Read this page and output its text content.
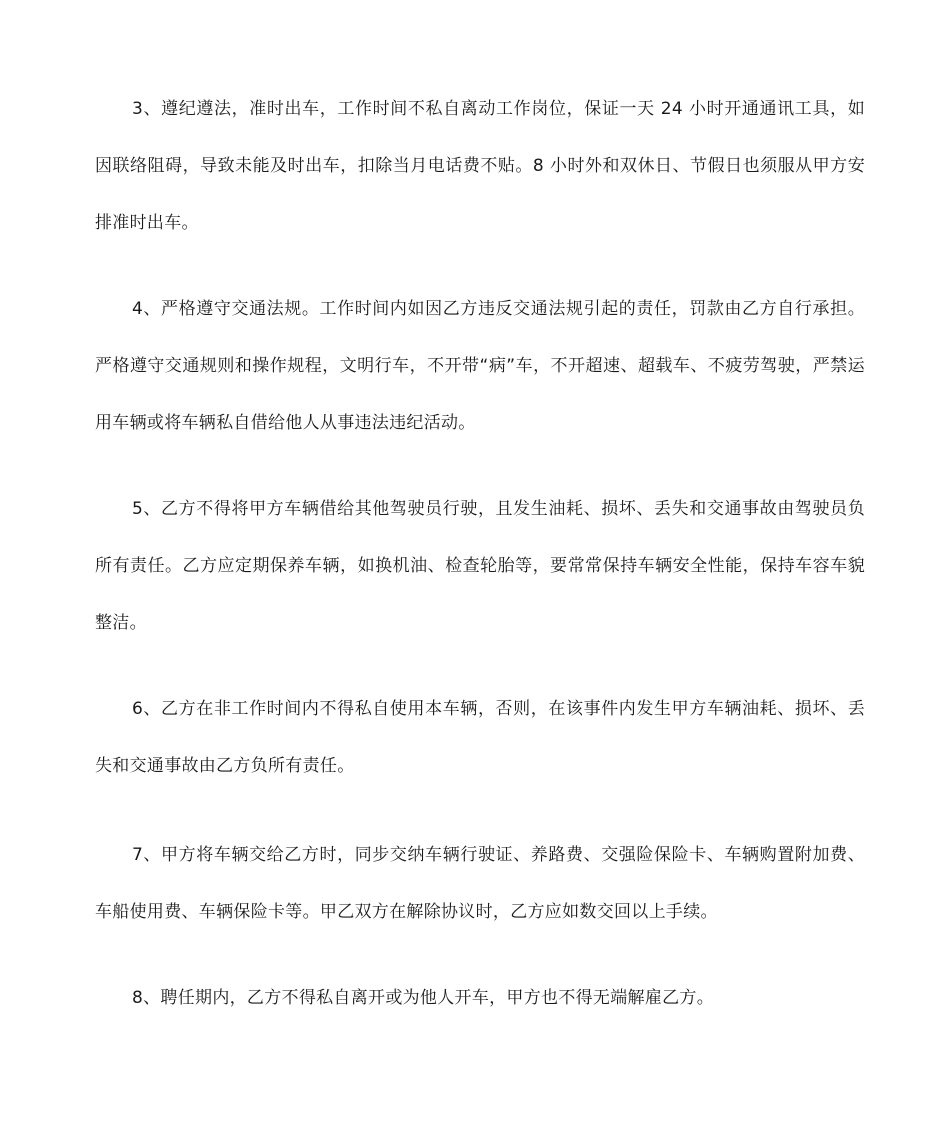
3、遵纪遵法，准时出车，工作时间不私自离动工作岗位，保证一天 24 小时开通通讯工具，如因联络阻碍，导致未能及时出车，扣除当月电话费不贴。8 小时外和双休日、节假日也须服从甲方安排准时出车。

4、严格遵守交通法规。工作时间内如因乙方违反交通法规引起的责任，罚款由乙方自行承担。严格遵守交通规则和操作规程，文明行车，不开带“病”车，不开超速、超载车、不疲劳驾驶，严禁运用车辆或将车辆私自借给他人从事违法违纪活动。

5、乙方不得将甲方车辆借给其他驾驶员行驶，且发生油耗、损坏、丢失和交通事故由驾驶员负所有责任。乙方应定期保养车辆，如换机油、检查轮胎等，要常常保持车辆安全性能，保持车容车貌整洁。

6、乙方在非工作时间内不得私自使用本车辆，否则，在该事件内发生甲方车辆油耗、损坏、丢失和交通事故由乙方负所有责任。

7、甲方将车辆交给乙方时，同步交纳车辆行驶证、养路费、交强险保险卡、车辆购置附加费、车船使用费、车辆保险卡等。甲乙双方在解除协议时，乙方应如数交回以上手续。

8、聘任期内，乙方不得私自离开或为他人开车，甲方也不得无端解雇乙方。
